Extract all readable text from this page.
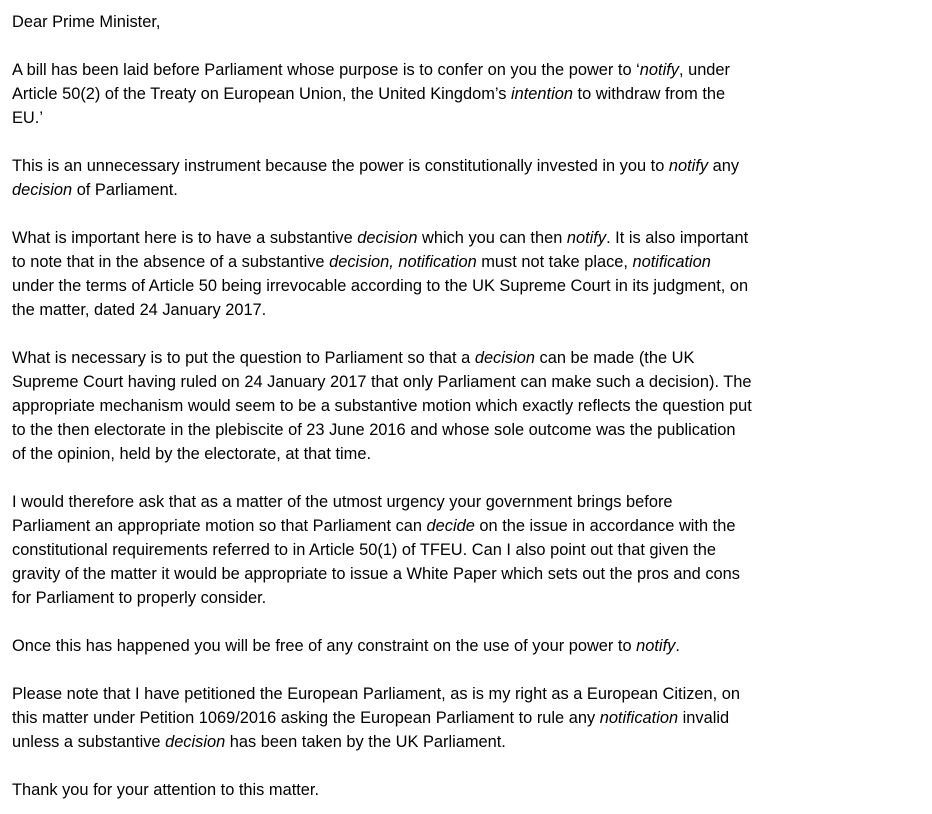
Dear Prime Minister,

A bill has been laid before Parliament whose purpose is to confer on you the power to ‘notify, under
Article 50(2) of the Treaty on European Union, the United Kingdom’s intention to withdraw from the
EU.’

This is an unnecessary instrument because the power is constitutionally invested in you to notify any
decision of Parliament.

What is important here is to have a substantive decision which you can then notify. It is also important
to note that in the absence of a substantive decision, notification must not take place, notification
under the terms of Article 50 being irrevocable according to the UK Supreme Court in its judgment, on
the matter, dated 24 January 2017.

What is necessary is to put the question to Parliament so that a decision can be made (the UK
Supreme Court having ruled on 24 January 2017 that only Parliament can make such a decision). The
appropriate mechanism would seem to be a substantive motion which exactly reflects the question put
to the then electorate in the plebiscite of 23 June 2016 and whose sole outcome was the publication
of the opinion, held by the electorate, at that time.

I would therefore ask that as a matter of the utmost urgency your government brings before
Parliament an appropriate motion so that Parliament can decide on the issue in accordance with the
constitutional requirements referred to in Article 50(1) of TFEU. Can I also point out that given the
gravity of the matter it would be appropriate to issue a White Paper which sets out the pros and cons
for Parliament to properly consider.

Once this has happened you will be free of any constraint on the use of your power to notify.

Please note that I have petitioned the European Parliament, as is my right as a European Citizen, on
this matter under Petition 1069/2016 asking the European Parliament to rule any notification invalid
unless a substantive decision has been taken by the UK Parliament.

Thank you for your attention to this matter.
